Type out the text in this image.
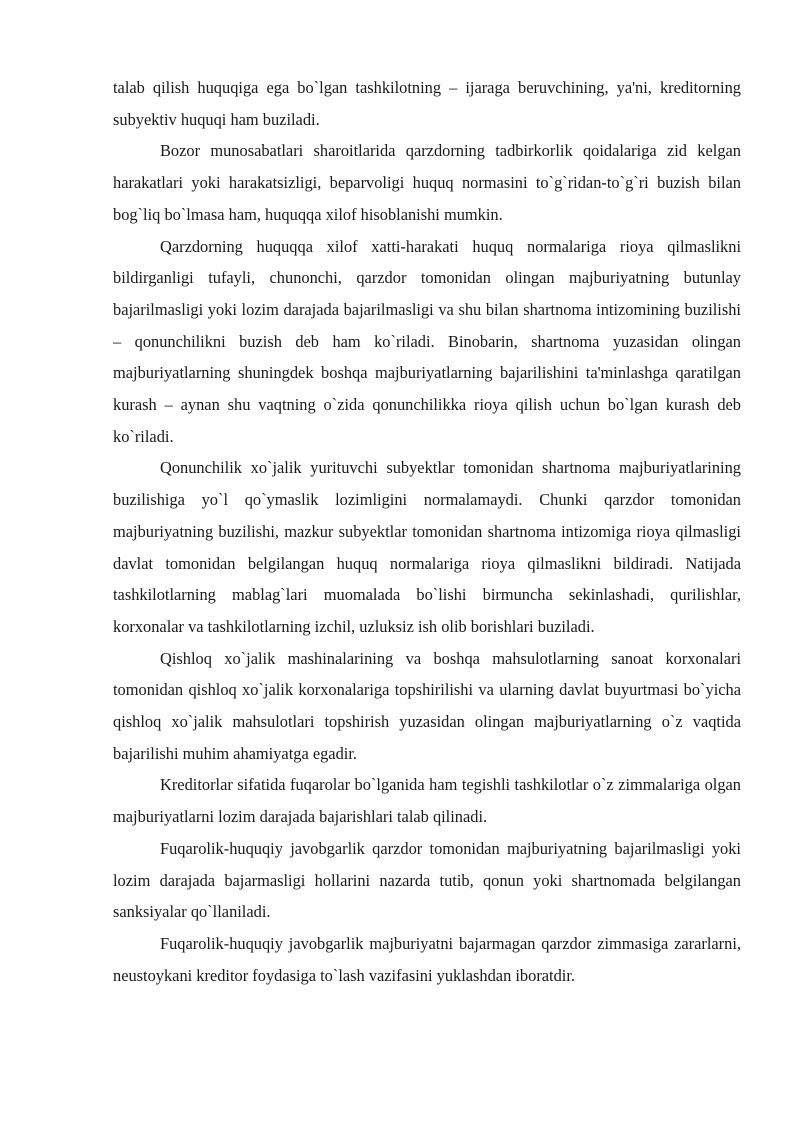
talab qilish huquqiga ega bo`lgan tashkilotning – ijaraga beruvchining, ya'ni, kreditorning subyektiv huquqi ham buziladi.

Bozor munosabatlari sharoitlarida qarzdorning tadbirkorlik qoidalariga zid kelgan harakatlari yoki harakatsizligi, beparvoligi huquq normasini to`g`ridan-to`g`ri buzish bilan bog`liq bo`lmasa ham, huquqqa xilof hisoblanishi mumkin.

Qarzdorning huquqqa xilof xatti-harakati huquq normalariga rioya qilmaslikni bildirganligi tufayli, chunonchi, qarzdor tomonidan olingan majburiyatning butunlay bajarilmasligi yoki lozim darajada bajarilmasligi va shu bilan shartnoma intizomining buzilishi – qonunchilikni buzish deb ham ko`riladi. Binobarin, shartnoma yuzasidan olingan majburiyatlarning shuningdek boshqa majburiyatlarning bajarilishini ta'minlashga qaratilgan kurash – aynan shu vaqtning o`zida qonunchilikka rioya qilish uchun bo`lgan kurash deb ko`riladi.

Qonunchilik xo`jalik yurituvchi subyektlar tomonidan shartnoma majburiyatlarining buzilishiga yo`l qo`ymaslik lozimligini normalamaydi. Chunki qarzdor tomonidan majburiyatning buzilishi, mazkur subyektlar tomonidan shartnoma intizomiga rioya qilmasligi davlat tomonidan belgilangan huquq normalariga rioya qilmaslikni bildiradi. Natijada tashkilotlarning mablag`lari muomalada bo`lishi birmuncha sekinlashadi, qurilishlar, korxonalar va tashkilotlarning izchil, uzluksiz ish olib borishlari buziladi.

Qishloq xo`jalik mashinalarining va boshqa mahsulotlarning sanoat korxonalari tomonidan qishloq xo`jalik korxonalariga topshirilishi va ularning davlat buyurtmasi bo`yicha qishloq xo`jalik mahsulotlari topshirish yuzasidan olingan majburiyatlarning o`z vaqtida bajarilishi muhim ahamiyatga egadir.

Kreditorlar sifatida fuqarolar bo`lganida ham tegishli tashkilotlar o`z zimmalariga olgan majburiyatlarni lozim darajada bajarishlari talab qilinadi.

Fuqarolik-huquqiy javobgarlik qarzdor tomonidan majburiyatning bajarilmasligi yoki lozim darajada bajarmasligi hollarini nazarda tutib, qonun yoki shartnomada belgilangan sanksiyalar qo`llaniladi.

Fuqarolik-huquqiy javobgarlik majburiyatni bajarmagan qarzdor zimmasiga zararlarni, neustoykani kreditor foydasiga to`lash vazifasini yuklashdan iboratdir.
